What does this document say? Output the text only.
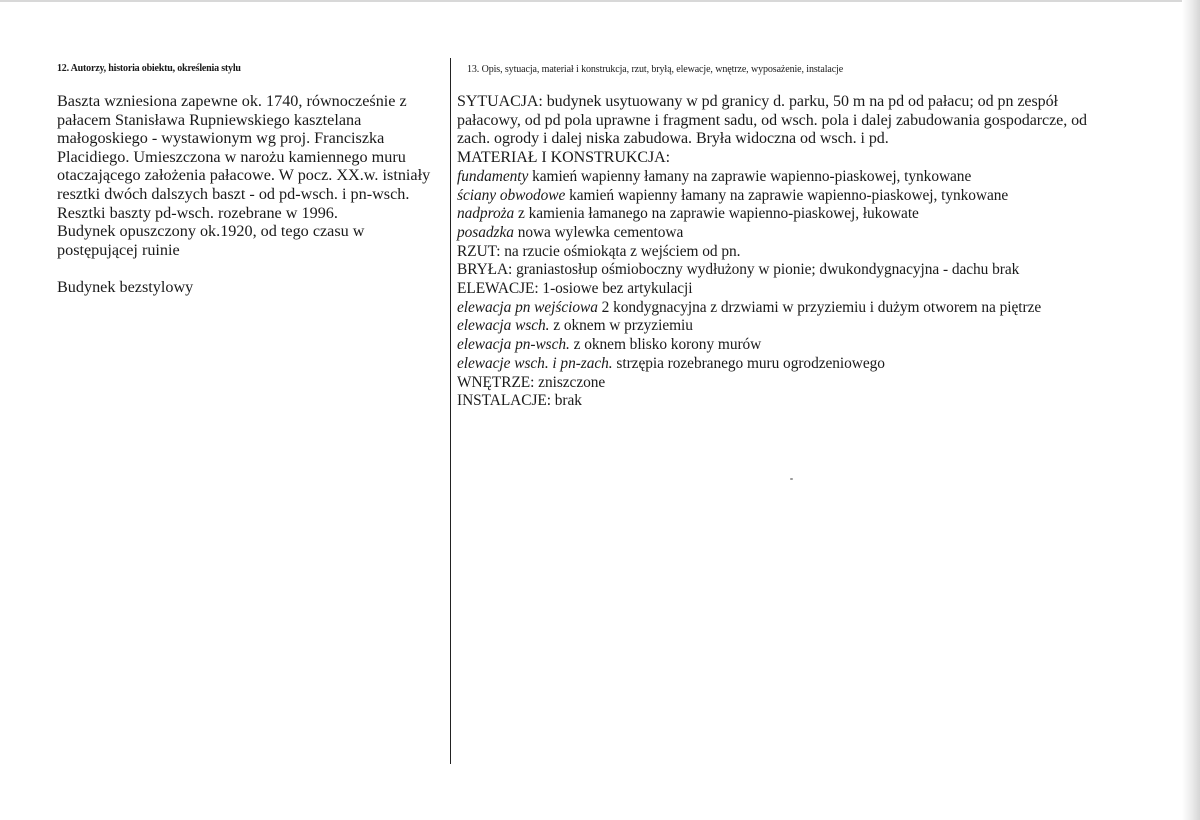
12. Autorzy, historia obiektu, określenia stylu
Baszta wzniesiona zapewne ok. 1740, równocześnie z
pałacem Stanisława Rupniewskiego kasztelana
małogoskiego - wystawionym wg proj. Franciszka
Placidiego. Umieszczona w narożu kamiennego muru
otaczającego założenia pałacowe. W pocz. XX.w. istniały
resztki dwóch dalszych baszt - od pd-wsch. i pn-wsch.
Resztki baszty pd-wsch. rozebrane w 1996.
Budynek opuszczony ok.1920, od tego czasu w
postępującej ruinie
Budynek bezstylowy
13. Opis, sytuacja, materiał i konstrukcja, rzut, bryłą, elewacje, wnętrze, wyposażenie, instalacje
SYTUACJA: budynek usytuowany w pd granicy d. parku, 50 m na pd od pałacu; od pn zespół
pałacowy, od pd pola uprawne i fragment sadu, od wsch. pola i dalej zabudowania gospodarcze, od
zach. ogrody i dalej niska zabudowa. Bryła widoczna od wsch. i pd.
MATERIAŁ I KONSTRUKCJA:
fundamenty kamień wapienny łamany na zaprawie wapienno-piaskowej, tynkowane
ściany obwodowe kamień wapienny łamany na zaprawie wapienno-piaskowej, tynkowane
nadproża z kamienia łamanego na zaprawie wapienno-piaskowej, łukowate
posadzka nowa wylewka cementowa
RZUT: na rzucie ośmiokąta z wejściem od pn.
BRYŁA: graniastosłup ośmioboczny wydłużony w pionie; dwukondygnacyjna - dachu brak
ELEWACJE: 1-osiowe bez artykulacji
elewacja pn wejściowa 2 kondygnacyjna z drzwiami w przyziemiu i dużym otworem na piętrze
elewacja wsch. z oknem w przyziemiu
elewacja pn-wsch. z oknem blisko korony murów
elewacje wsch. i pn-zach. strzępia rozebranego muru ogrodzeniowego
WNĘTRZE: zniszczone
INSTALACJE: brak
